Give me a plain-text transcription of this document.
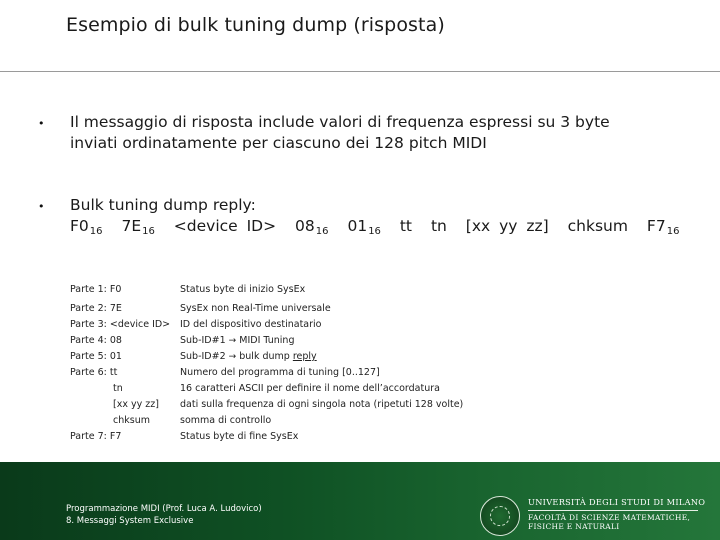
Esempio di bulk tuning dump (risposta)
• Il messaggio di risposta include valori di frequenza espressi su 3 byte
inviati ordinatamente per ciascuno dei 128 pitch MIDI
• Bulk tuning dump reply:
$F0_{16}$ $7E_{16}$ <device $ID> 08_{16}$ $01_{16}$ tt tn [xx yy zz] chksum $F7_{16}$
Parte 1: F0	Status byte di inizio SysEx
Parte 2: 7E	SysEx non Real-Time universale
Parte 3: <device ID>	ID del dispositivo destinatario
Parte 4: 08	Sub-ID#1 → MIDI Tuning
Parte 5: 01	Sub-ID#2 → bulk dump reply
Parte 6: tt	Numero del programma di tuning [0..127]
tn	16 caratteri ASCII per definire il nome dell’accordatura
[xx yy zz]	dati sulla frequenza di ogni singola nota (ripetuti 128 volte)
chksum	somma di controllo
Parte 7: F7	Status byte di fine SysEx
Programmazione MIDI (Prof. Luca A. Ludovico)
8. Messaggi System Exclusive
UNIVERSITÀ DEGLI STUDI DI MILANO
FACOLTÀ DI SCIENZE MATEMATICHE,
FISICHE E NATURALI
